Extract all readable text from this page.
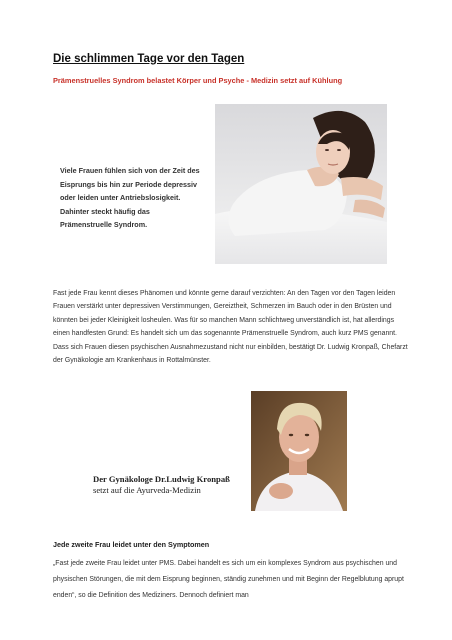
Die schlimmen Tage vor den Tagen
Prämenstruelles Syndrom belastet Körper und Psyche - Medizin setzt auf Kühlung
Viele Frauen fühlen sich von der Zeit des Eisprungs bis hin zur Periode depressiv oder leiden unter Antriebslosigkeit. Dahinter steckt häufig das Prämenstruelle Syndrom.

Fast jede Frau kennt dieses Phänomen und könnte gerne darauf verzichten: An den Tagen vor den Tagen leiden Frauen verstärkt unter depressiven Verstimmungen, Gereiztheit, Schmerzen im Bauch oder in den Brüsten und könnten bei jeder Kleinigkeit losheulen. Was für so manchen Mann schlichtweg unverständlich ist, hat allerdings einen handfesten Grund: Es handelt sich um das sogenannte Prämenstruelle Syndrom, auch kurz PMS genannt.

Dass sich Frauen diesen psychischen Ausnahmezustand nicht nur einbilden, bestätigt Dr. Ludwig Kronpaß, Chefarzt der Gynäkologie am Krankenhaus in Rottalmünster.

Der Gynäkologe Dr.Ludwig Kronpaß setzt auf die Ayurveda-Medizin
Jede zweite Frau leidet unter den Symptomen
„Fast jede zweite Frau leidet unter PMS. Dabei handelt es sich um ein komplexes Syndrom aus psychischen und physischen Störungen, die mit dem Eisprung beginnen, ständig zunehmen und mit Beginn der Regelblutung aprupt enden“, so die Definition des Mediziners. Dennoch definiert man
